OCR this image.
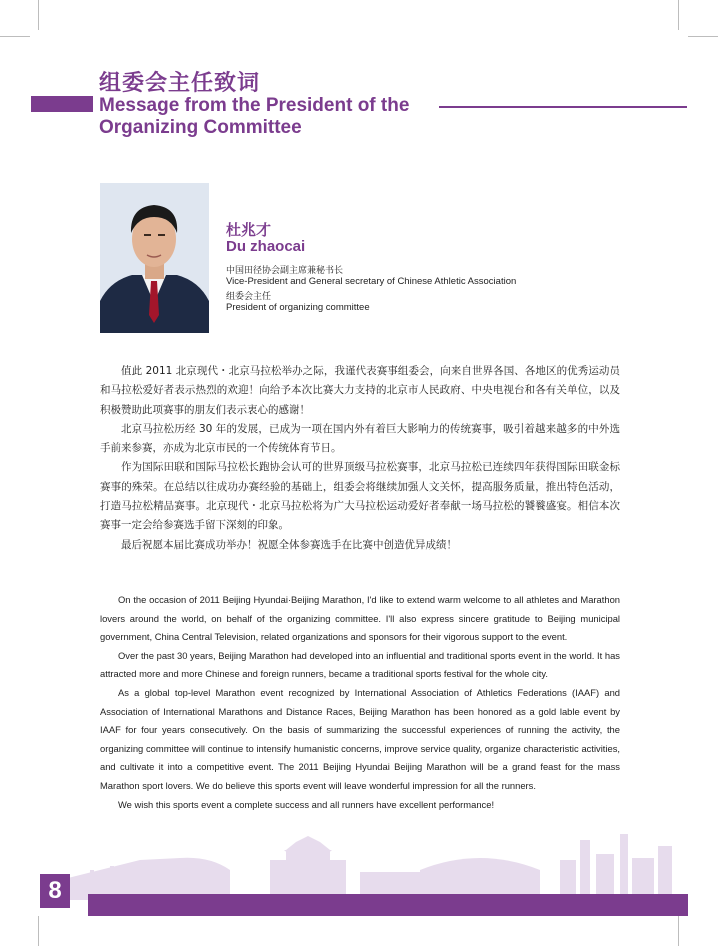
组委会主任致词
Message from the President of the Organizing Committee
杜兆才
Du zhaocai
中国田径协会副主席兼秘书长
Vice-President and General secretary of Chinese Athletic Association
组委会主任
President of organizing committee

值此 2011 北京现代・北京马拉松举办之际，我谨代表赛事组委会，向来自世界各国、各地区的优秀运动员和马拉松爱好者表示热烈的欢迎！向给予本次比赛大力支持的北京市人民政府、中央电视台和各有关单位，以及积极赞助此项赛事的朋友们表示衷心的感谢！

北京马拉松历经 30 年的发展，已成为一项在国内外有着巨大影响力的传统赛事，吸引着越来越多的中外选手前来参赛，亦成为北京市民的一个传统体育节日。

作为国际田联和国际马拉松长跑协会认可的世界顶级马拉松赛事，北京马拉松已连续四年获得国际田联金标赛事的殊荣。在总结以往成功办赛经验的基础上，组委会将继续加强人文关怀，提高服务质量，推出特色活动，打造马拉松精品赛事。北京现代・北京马拉松将为广大马拉松运动爱好者奉献一场马拉松的饕餮盛宴。相信本次赛事一定会给参赛选手留下深刻的印象。

最后祝愿本届比赛成功举办！祝愿全体参赛选手在比赛中创造优异成绩！

On the occasion of 2011 Beijing Hyundai·Beijing Marathon, I'd like to extend warm welcome to all athletes and Marathon lovers around the world, on behalf of the organizing committee. I'll also express sincere gratitude to Beijing municipal government, China Central Television, related organizations and sponsors for their vigorous support to the event.

Over the past 30 years, Beijing Marathon had developed into an influential and traditional sports event in the world. It has attracted more and more Chinese and foreign runners, became a traditional sports festival for the whole city.

As a global top-level Marathon event recognized by International Association of Athletics Federations (IAAF) and Association of International Marathons and Distance Races, Beijing Marathon has been honored as a gold lable event by IAAF for four years consecutively. On the basis of summarizing the successful experiences of running the activity, the organizing committee will continue to intensify humanistic concerns, improve service quality, organize characteristic activities, and cultivate it into a competitive event. The 2011 Beijing Hyundai Beijing Marathon will be a grand feast for the mass Marathon sport lovers. We do believe this sports event will leave wonderful impression for all the runners.

We wish this sports event a complete success and all runners have excellent performance!

8
